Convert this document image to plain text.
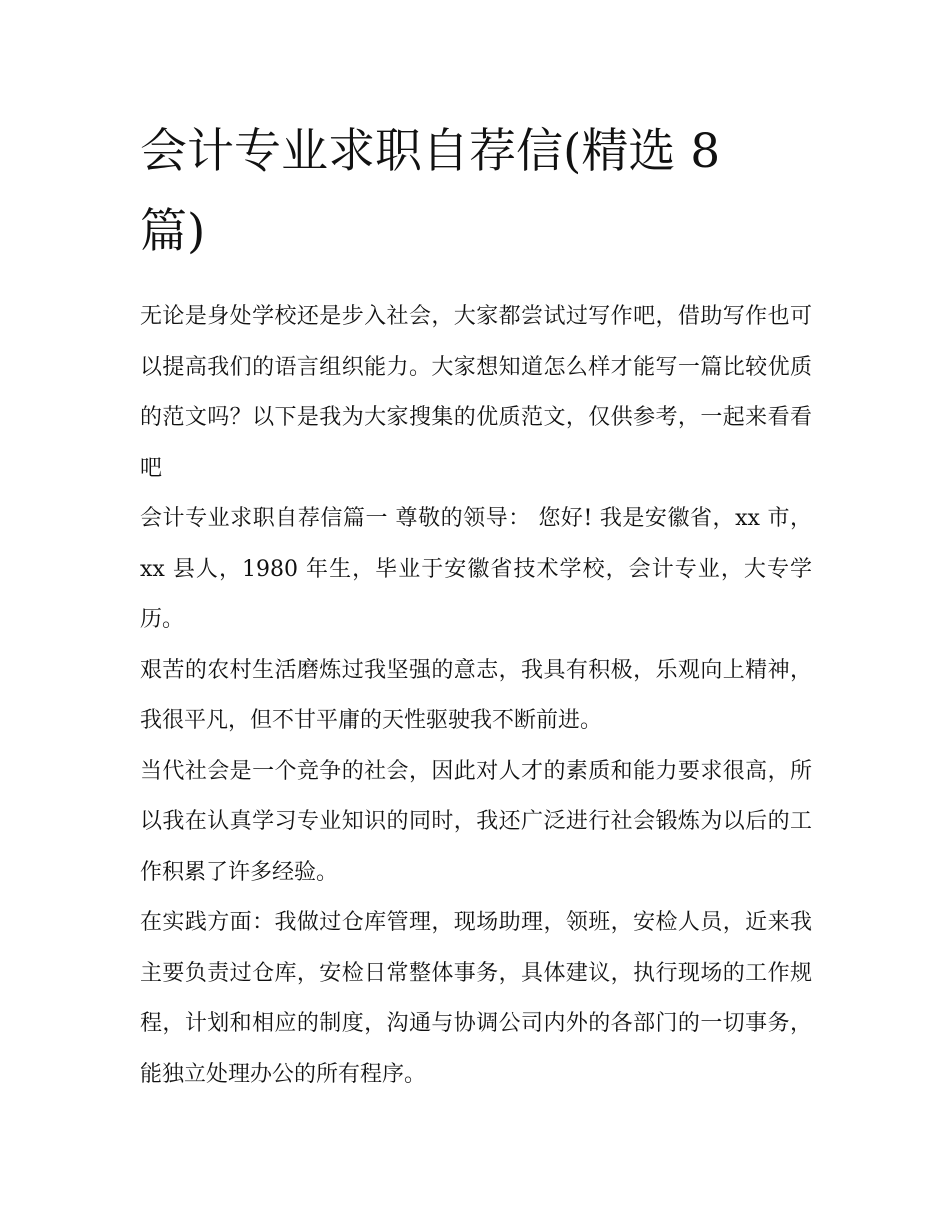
会计专业求职自荐信(精选 8
篇)

无论是身处学校还是步入社会，大家都尝试过写作吧，借助写作也可以提高我们的语言组织能力。大家想知道怎么样才能写一篇比较优质的范文吗？以下是我为大家搜集的优质范文，仅供参考，一起来看看吧

会计专业求职自荐信篇一 尊敬的领导： 您好! 我是安徽省，xx 市，xx 县人，1980 年生，毕业于安徽省技术学校，会计专业，大专学历。

艰苦的农村生活磨炼过我坚强的意志，我具有积极，乐观向上精神，我很平凡，但不甘平庸的天性驱驶我不断前进。

当代社会是一个竞争的社会，因此对人才的素质和能力要求很高，所以我在认真学习专业知识的同时，我还广泛进行社会锻炼为以后的工作积累了许多经验。

在实践方面：我做过仓库管理，现场助理，领班，安检人员，近来我主要负责过仓库，安检日常整体事务，具体建议，执行现场的工作规程，计划和相应的制度，沟通与协调公司内外的各部门的一切事务，能独立处理办公的所有程序。
